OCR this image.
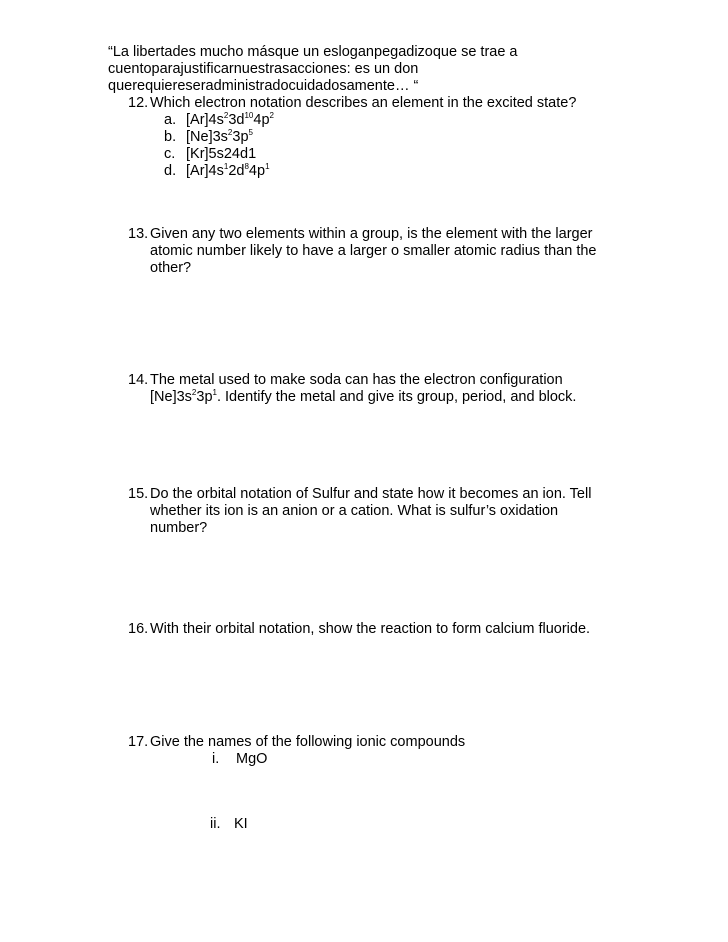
“La libertades mucho másque un esloganpegadizoque se trae a
cuentoparajustificarnuestrasacciones: es un don
querequiereseradministradocuidadosamente… “
12. Which electron notation describes an element in the excited state?
a. $[Ar]4s^23d^{10}4p^2$
b. $[Ne]3s^23p^5$
c. [Kr]5s24d1
d. $[Ar]4s^12d^84p^1$
13. Given any two elements within a group, is the element with the larger atomic number likely to have a larger o smaller atomic radius than the other?
14. The metal used to make soda can has the electron configuration
$[Ne]3s^23p^1$. Identify the metal and give its group, period, and block.
15. Do the orbital notation of Sulfur and state how it becomes an ion. Tell whether its ion is an anion or a cation. What is sulfur’s oxidation number?
16. With their orbital notation, show the reaction to form calcium fluoride.
17. Give the names of the following ionic compounds
i. MgO
ii. KI
